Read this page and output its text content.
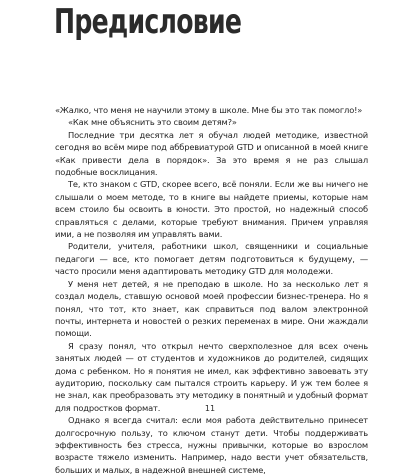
Предисловие

«Жалко, что меня не научили этому в школе. Мне бы это так помогло!»

«Как мне объяснить это своим детям?»

Последние три десятка лет я обучал людей методике, известной сегодня во всём мире под аббревиатурой GTD и описанной в моей книге «Как привести дела в порядок». За это время я не раз слышал подобные восклицания.

Те, кто знаком с GTD, скорее всего, всё поняли. Если же вы ничего не слышали о моем методе, то в книге вы найдете приемы, которые нам всем стоило бы освоить в юности. Это простой, но надежный способ справляться с делами, которые требуют внимания. Причем управляя ими, а не позволяя им управлять вами.

Родители, учителя, работники школ, священники и социальные педагоги — все, кто помогает детям подготовиться к будущему, — часто просили меня адаптировать методику GTD для молодежи.

У меня нет детей, я не преподаю в школе. Но за несколько лет я создал модель, ставшую основой моей профессии бизнес-тренера. Но я понял, что тот, кто знает, как справиться под валом электронной почты, интернета и новостей о резких переменах в мире. Они жаждали помощи.

Я сразу понял, что открыл нечто сверхполезное для всех очень занятых людей — от студентов и художников до родителей, сидящих дома с ребенком. Но я понятия не имел, как эффективно завоевать эту аудиторию, поскольку сам пытался строить карьеру. И уж тем более я не знал, как преобразовать эту методику в понятный и удобный формат для подростков формат.

Однако я всегда считал: если моя работа действительно принесет долгосрочную пользу, то ключом станут дети. Чтобы поддерживать эффективность без стресса, нужны привычки, которые во взрослом возрасте тяжело изменить. Например, надо вести учет обязательств, больших и малых, в надежной внешней системе,

11
